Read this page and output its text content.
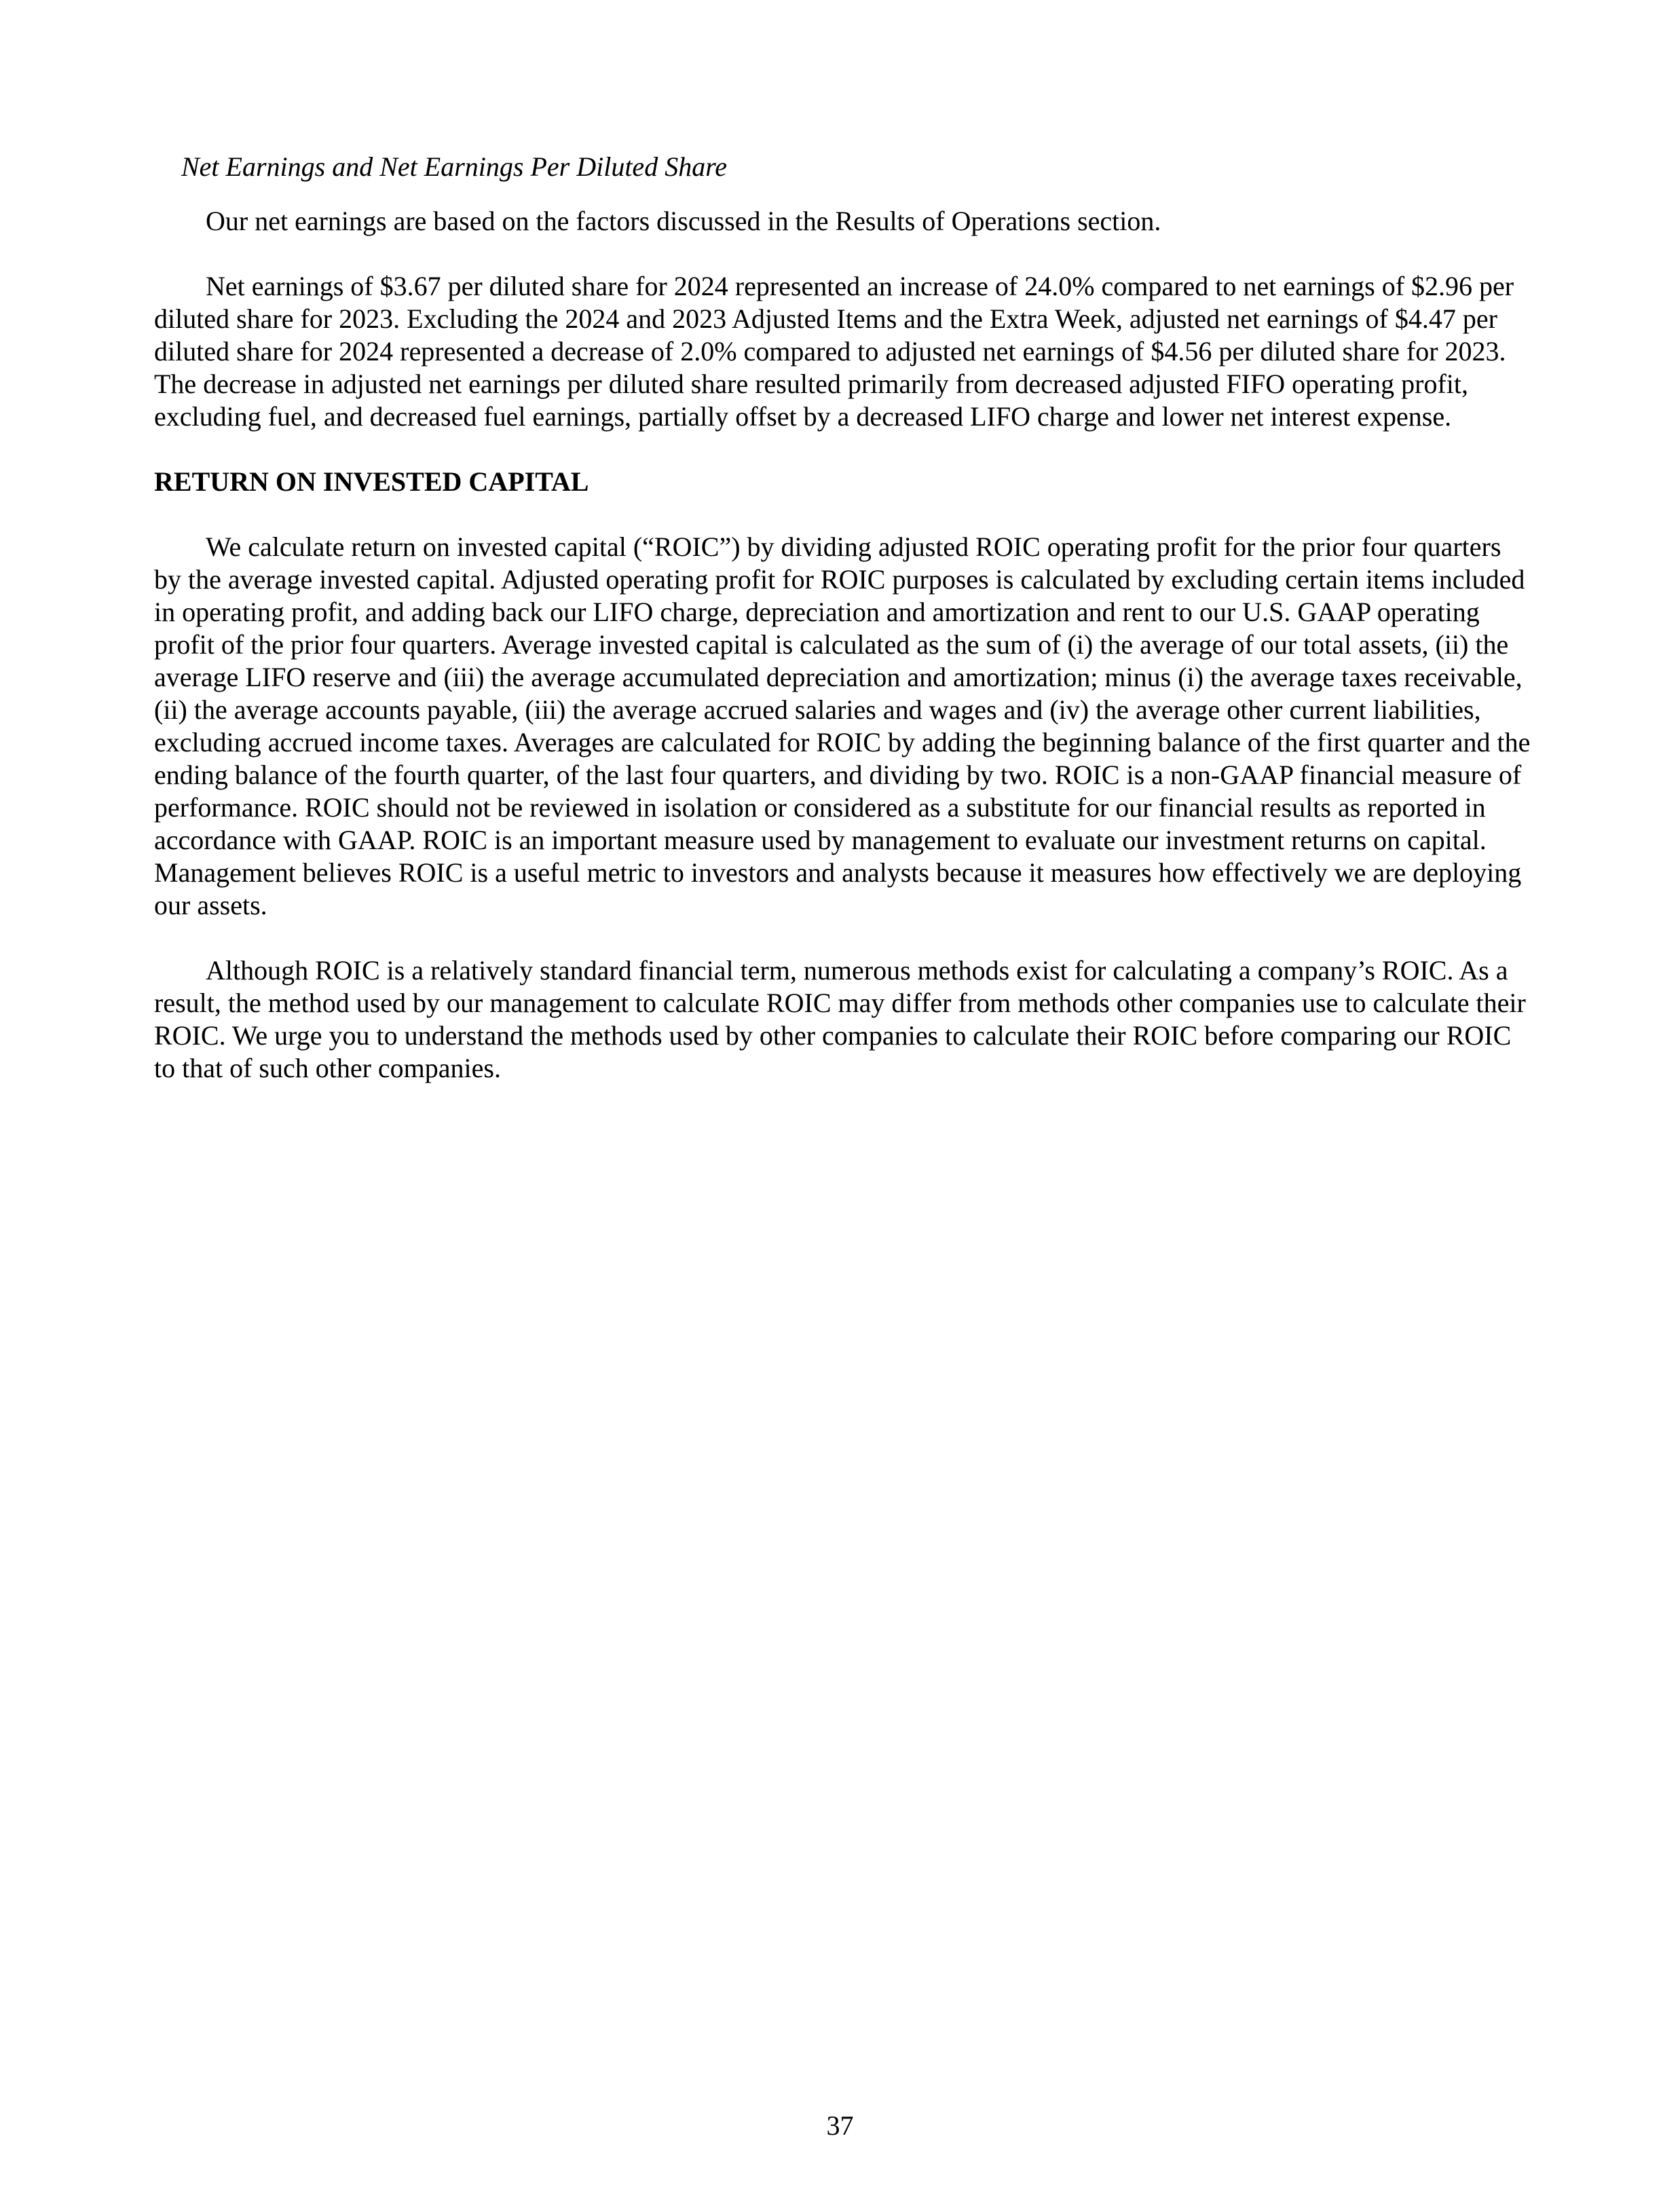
Net Earnings and Net Earnings Per Diluted Share

Our net earnings are based on the factors discussed in the Results of Operations section.

Net earnings of $3.67 per diluted share for 2024 represented an increase of 24.0% compared to net earnings of $2.96 per diluted share for 2023. Excluding the 2024 and 2023 Adjusted Items and the Extra Week, adjusted net earnings of $4.47 per diluted share for 2024 represented a decrease of 2.0% compared to adjusted net earnings of $4.56 per diluted share for 2023. The decrease in adjusted net earnings per diluted share resulted primarily from decreased adjusted FIFO operating profit, excluding fuel, and decreased fuel earnings, partially offset by a decreased LIFO charge and lower net interest expense.

RETURN ON INVESTED CAPITAL

We calculate return on invested capital (“ROIC”) by dividing adjusted ROIC operating profit for the prior four quarters by the average invested capital. Adjusted operating profit for ROIC purposes is calculated by excluding certain items included in operating profit, and adding back our LIFO charge, depreciation and amortization and rent to our U.S. GAAP operating profit of the prior four quarters. Average invested capital is calculated as the sum of (i) the average of our total assets, (ii) the average LIFO reserve and (iii) the average accumulated depreciation and amortization; minus (i) the average taxes receivable, (ii) the average accounts payable, (iii) the average accrued salaries and wages and (iv) the average other current liabilities, excluding accrued income taxes. Averages are calculated for ROIC by adding the beginning balance of the first quarter and the ending balance of the fourth quarter, of the last four quarters, and dividing by two. ROIC is a non-GAAP financial measure of performance. ROIC should not be reviewed in isolation or considered as a substitute for our financial results as reported in accordance with GAAP. ROIC is an important measure used by management to evaluate our investment returns on capital. Management believes ROIC is a useful metric to investors and analysts because it measures how effectively we are deploying our assets.

Although ROIC is a relatively standard financial term, numerous methods exist for calculating a company’s ROIC. As a result, the method used by our management to calculate ROIC may differ from methods other companies use to calculate their ROIC. We urge you to understand the methods used by other companies to calculate their ROIC before comparing our ROIC to that of such other companies.

37
